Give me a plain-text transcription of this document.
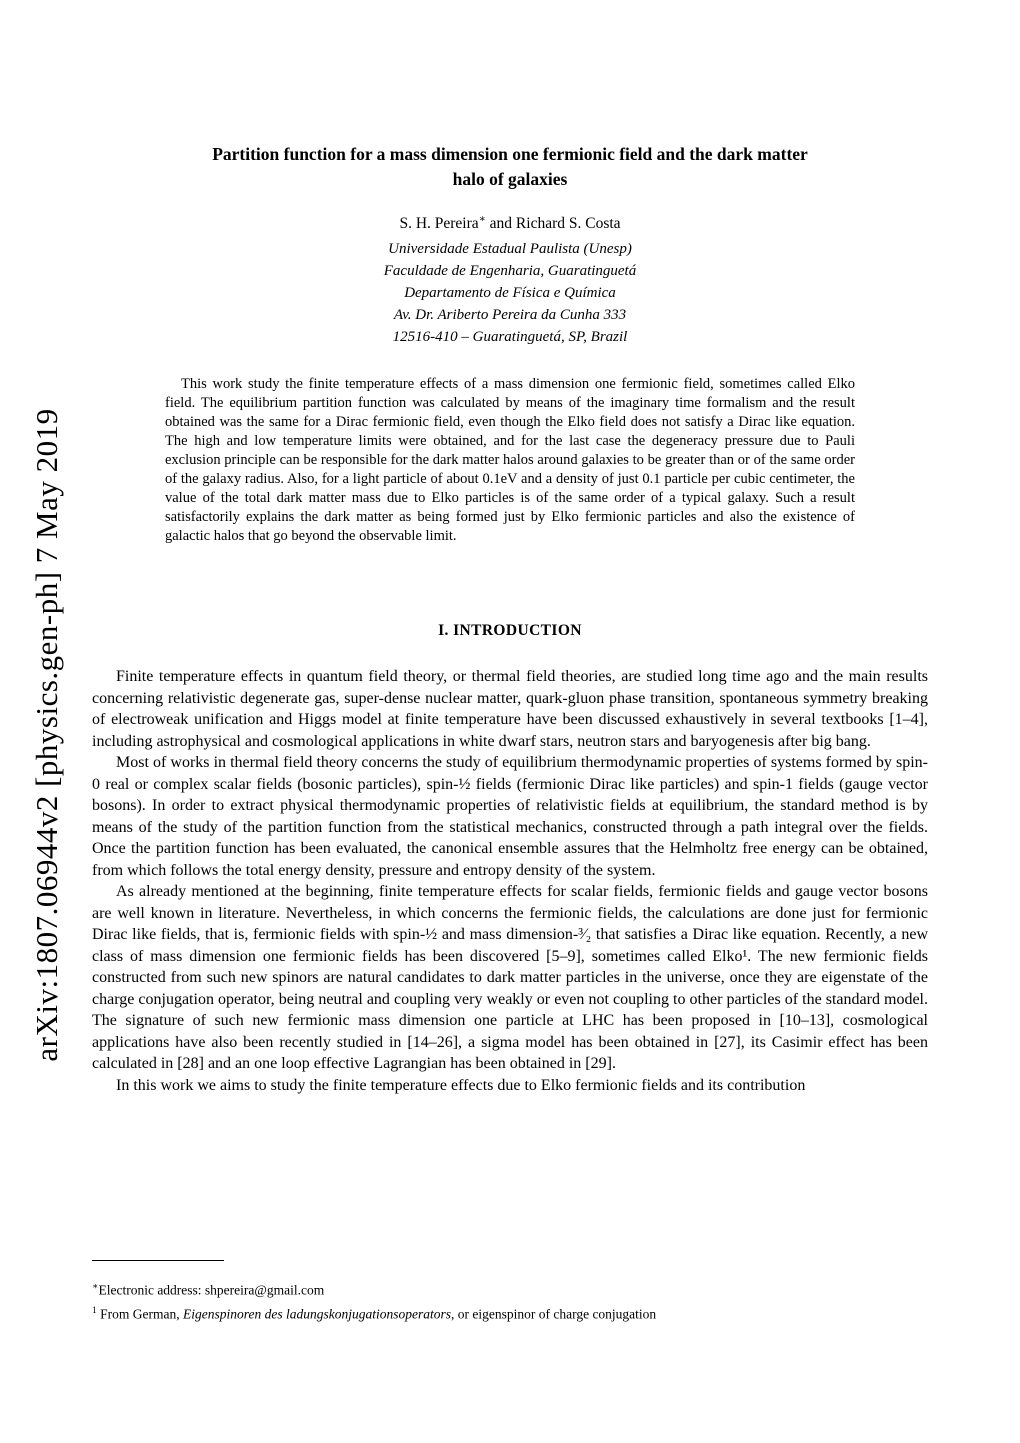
arXiv:1807.06944v2 [physics.gen-ph] 7 May 2019
Partition function for a mass dimension one fermionic field and the dark matter
halo of galaxies
S. H. Pereira∗ and Richard S. Costa
Universidade Estadual Paulista (Unesp)
Faculdade de Engenharia, Guaratinguetá
Departamento de Física e Química
Av. Dr. Ariberto Pereira da Cunha 333
12516-410 – Guaratinguetá, SP, Brazil
This work study the finite temperature effects of a mass dimension one fermionic field, sometimes called Elko field. The equilibrium partition function was calculated by means of the imaginary time formalism and the result obtained was the same for a Dirac fermionic field, even though the Elko field does not satisfy a Dirac like equation. The high and low temperature limits were obtained, and for the last case the degeneracy pressure due to Pauli exclusion principle can be responsible for the dark matter halos around galaxies to be greater than or of the same order of the galaxy radius. Also, for a light particle of about 0.1eV and a density of just 0.1 particle per cubic centimeter, the value of the total dark matter mass due to Elko particles is of the same order of a typical galaxy. Such a result satisfactorily explains the dark matter as being formed just by Elko fermionic particles and also the existence of galactic halos that go beyond the observable limit.
I. INTRODUCTION

Finite temperature effects in quantum field theory, or thermal field theories, are studied long time ago and the main results concerning relativistic degenerate gas, super-dense nuclear matter, quark-gluon phase transition, spontaneous symmetry breaking of electroweak unification and Higgs model at finite temperature have been discussed exhaustively in several textbooks [1–4], including astrophysical and cosmological applications in white dwarf stars, neutron stars and baryogenesis after big bang.

Most of works in thermal field theory concerns the study of equilibrium thermodynamic properties of systems formed by spin-0 real or complex scalar fields (bosonic particles), spin-½ fields (fermionic Dirac like particles) and spin-1 fields (gauge vector bosons). In order to extract physical thermodynamic properties of relativistic fields at equilibrium, the standard method is by means of the study of the partition function from the statistical mechanics, constructed through a path integral over the fields. Once the partition function has been evaluated, the canonical ensemble assures that the Helmholtz free energy can be obtained, from which follows the total energy density, pressure and entropy density of the system.

As already mentioned at the beginning, finite temperature effects for scalar fields, fermionic fields and gauge vector bosons are well known in literature. Nevertheless, in which concerns the fermionic fields, the calculations are done just for fermionic Dirac like fields, that is, fermionic fields with spin-½ and mass dimension-³⁄₂ that satisfies a Dirac like equation. Recently, a new class of mass dimension one fermionic fields has been discovered [5–9], sometimes called Elko¹. The new fermionic fields constructed from such new spinors are natural candidates to dark matter particles in the universe, once they are eigenstate of the charge conjugation operator, being neutral and coupling very weakly or even not coupling to other particles of the standard model. The signature of such new fermionic mass dimension one particle at LHC has been proposed in [10–13], cosmological applications have also been recently studied in [14–26], a sigma model has been obtained in [27], its Casimir effect has been calculated in [28] and an one loop effective Lagrangian has been obtained in [29].

In this work we aims to study the finite temperature effects due to Elko fermionic fields and its contribution

∗Electronic address: shpereira@gmail.com
$^1$ From German, Eigenspinoren des ladungskonjugationsoperators, or eigenspinor of charge conjugation
